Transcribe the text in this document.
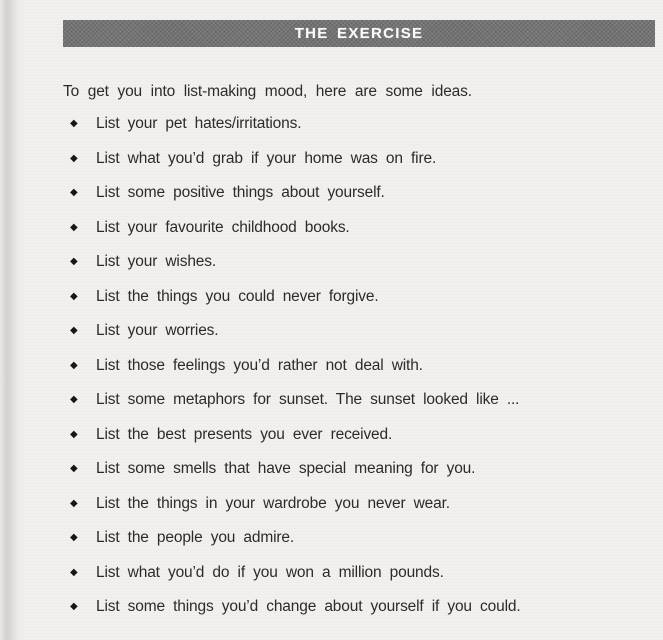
THE EXERCISE

To get you into list-making mood, here are some ideas.

◆	List your pet hates/irritations.
◆	List what you’d grab if your home was on fire.
◆	List some positive things about yourself.
◆	List your favourite childhood books.
◆	List your wishes.
◆	List the things you could never forgive.
◆	List your worries.
◆	List those feelings you’d rather not deal with.
◆	List some metaphors for sunset. The sunset looked like ...
◆	List the best presents you ever received.
◆	List some smells that have special meaning for you.
◆	List the things in your wardrobe you never wear.
◆	List the people you admire.
◆	List what you’d do if you won a million pounds.
◆	List some things you’d change about yourself if you could.
